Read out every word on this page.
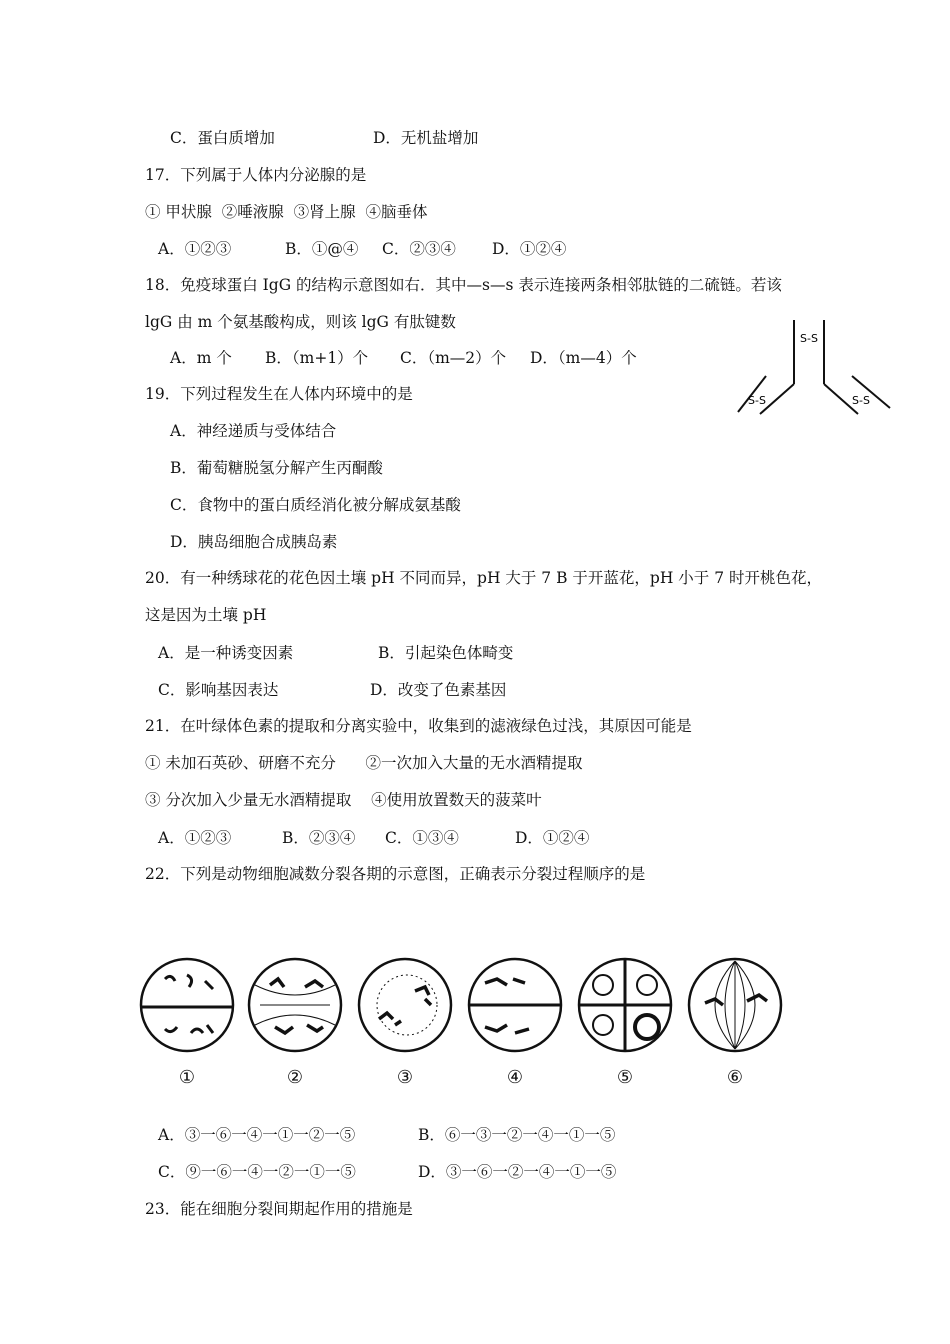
C．蛋白质增加	D．无机盐增加
17．下列属于人体内分泌腺的是
① 甲状腺  ②唾液腺  ③肾上腺  ④脑垂体
A．①②③	B．①@④ C．②③④ D．①②④
18．免疫球蛋白 IgG 的结构示意图如右．其中—s—s 表示连接两条相邻肽链的二硫链。若该
lgG 由 m 个氨基酸构成，则该 lgG 有肽键数
A．m 个 B．（m+1）个 C．（m—2）个 D．（m—4）个
S-S
S-S	S-S
19．下列过程发生在人体内环境中的是
A．神经递质与受体结合
B．葡萄糖脱氢分解产生丙酮酸
C．食物中的蛋白质经消化被分解成氨基酸
D．胰岛细胞合成胰岛素
20．有一种绣球花的花色因土壤 pH 不同而异，pH 大于 7 B 于开蓝花，pH 小于 7 时开桃色花，
这是因为土壤 pH
A．是一种诱变因素	B．引起染色体畸变
C．影响基因表达	D．改变了色素基因
21．在叶绿体色素的提取和分离实验中，收集到的滤液绿色过浅，其原因可能是
① 未加石英砂、研磨不充分      ②一次加入大量的无水酒精提取
③ 分次加入少量无水酒精提取    ④使用放置数天的菠菜叶
A．①②③	B．②③④ C．①③④	D．①②④
22．下列是动物细胞减数分裂各期的示意图，正确表示分裂过程顺序的是
①	②	③	④	⑤	⑥
A．③一⑥一④一①一②一⑤	B．⑥一③一②一④一①一⑤
C．⑨一⑥一④一②一①一⑤	D．③一⑥一②一④一①一⑤
23．能在细胞分裂间期起作用的措施是
